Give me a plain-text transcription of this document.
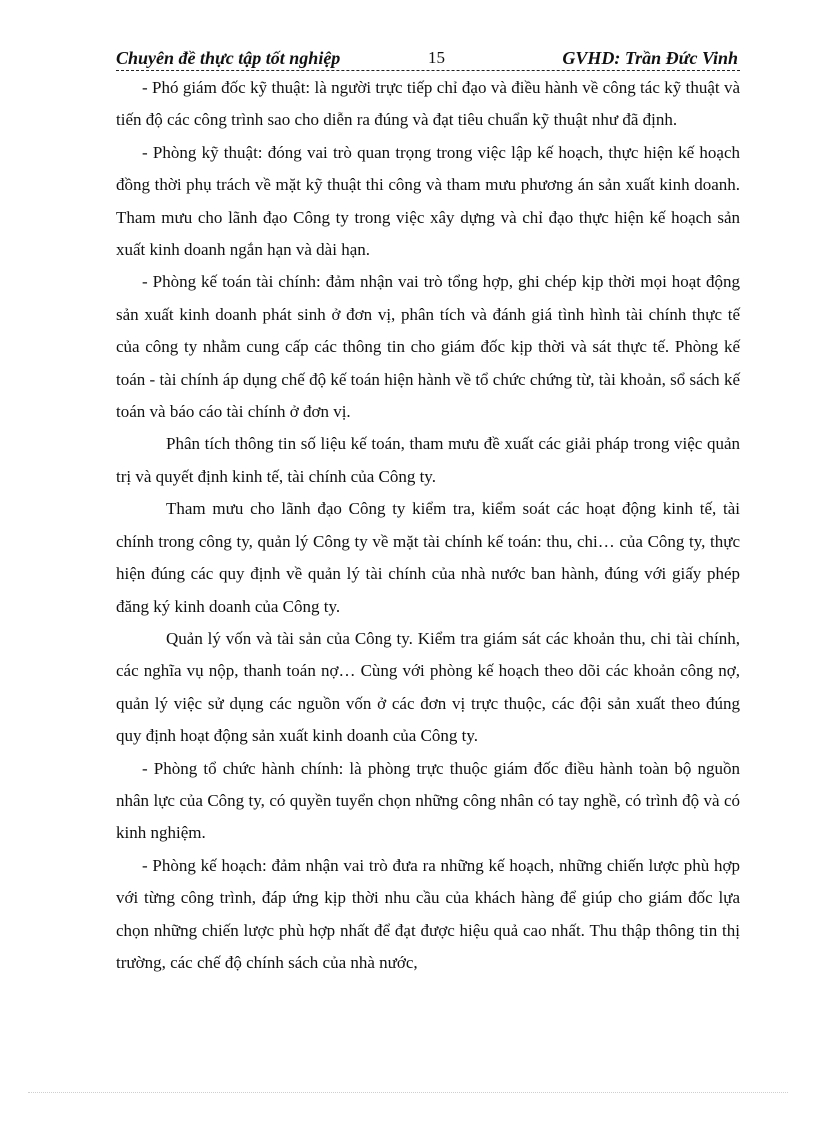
Chuyên đề thực tập tốt nghiệp	15	GVHD: Trần Đức Vinh

- Phó giám đốc kỹ thuật: là người trực tiếp chỉ đạo và điều hành về công tác kỹ thuật và tiến độ các công trình sao cho diễn ra đúng và đạt tiêu chuẩn kỹ thuật như đã định.

- Phòng kỹ thuật: đóng vai trò quan trọng trong việc lập kế hoạch, thực hiện kế hoạch đồng thời phụ trách về mặt kỹ thuật thi công và tham mưu phương án sản xuất kinh doanh. Tham mưu cho lãnh đạo Công ty trong việc xây dựng và chỉ đạo thực hiện kế hoạch sản xuất kinh doanh ngắn hạn và dài hạn.

- Phòng kế toán tài chính: đảm nhận vai trò tổng hợp, ghi chép kịp thời mọi hoạt động sản xuất kinh doanh phát sinh ở đơn vị, phân tích và đánh giá tình hình tài chính thực tế của công ty nhằm cung cấp các thông tin cho giám đốc kịp thời và sát thực tế. Phòng kế toán - tài chính áp dụng chế độ kế toán hiện hành về tổ chức chứng từ, tài khoản, sổ sách kế toán và báo cáo tài chính ở đơn vị.

Phân tích thông tin số liệu kế toán, tham mưu đề xuất các giải pháp trong việc quản trị và quyết định kinh tế, tài chính của Công ty.

Tham mưu cho lãnh đạo Công ty kiểm tra, kiểm soát các hoạt động kinh tế, tài chính trong công ty, quản lý Công ty về mặt tài chính kế toán: thu, chi… của Công ty, thực hiện đúng các quy định về quản lý tài chính của nhà nước ban hành, đúng với giấy phép đăng ký kinh doanh của Công ty.

Quản lý vốn và tài sản của Công ty. Kiểm tra giám sát các khoản thu, chi tài chính, các nghĩa vụ nộp, thanh toán nợ… Cùng với phòng kế hoạch theo dõi các khoản công nợ, quản lý việc sử dụng các nguồn vốn ở các đơn vị trực thuộc, các đội sản xuất theo đúng quy định hoạt động sản xuất kinh doanh của Công ty.

- Phòng tổ chức hành chính: là phòng trực thuộc giám đốc điều hành toàn bộ nguồn nhân lực của Công ty, có quyền tuyển chọn những công nhân có tay nghề, có trình độ và có kinh nghiệm.

- Phòng kế hoạch: đảm nhận vai trò đưa ra những kế hoạch, những chiến lược phù hợp với từng công trình, đáp ứng kịp thời nhu cầu của khách hàng để giúp cho giám đốc lựa chọn những chiến lược phù hợp nhất để đạt được hiệu quả cao nhất. Thu thập thông tin thị trường, các chế độ chính sách của nhà nước,
